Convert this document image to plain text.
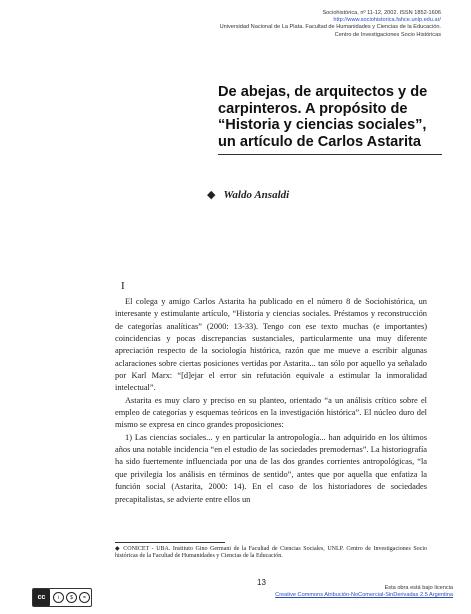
Sociohistórica, nº 11-12, 2002. ISSN 1852-1606
http://www.sociohistorica.fahce.unlp.edu.ar/
Universidad Nacional de La Plata. Facultad de Humanidades y Ciencias de la Educación.
Centro de Investigaciones Socio Históricas
De abejas, de arquitectos y de carpinteros. A propósito de “Historia y ciencias sociales”, un artículo de Carlos Astarita
◆ Waldo Ansaldi
I

El colega y amigo Carlos Astarita ha publicado en el número 8 de Sociohistórica, un interesante y estimulante artículo, “Historia y ciencias sociales. Préstamos y reconstrucción de categorías analíticas” (2000: 13-33). Tengo con ese texto muchas (e importantes) coincidencias y pocas discrepancias sustanciales, particularmente una muy diferente apreciación respecto de la sociología histórica, razón que me mueve a escribir algunas aclaraciones sobre ciertas posiciones vertidas por Astarita... tan sólo por aquello ya señalado por Karl Marx: “[d]ejar el error sin refutación equivale a estimular la inmoralidad intelectual”.

Astarita es muy claro y preciso en su planteo, orientado “a un análisis crítico sobre el empleo de categorías y esquemas teóricos en la investigación histórica”. El núcleo duro del mismo se expresa en cinco grandes proposiciones:

1) Las ciencias sociales... y en particular la antropología... han adquirido en los últimos años una notable incidencia “en el estudio de las sociedades premodernas”. La historiografía ha sido fuertemente influenciada por una de las dos grandes corrientes antropológicas, “la que privilegia los análisis en términos de sentido”, antes que por aquella que enfatiza la función social (Astarita, 2000: 14). En el caso de los historiadores de sociedades precapitalistas, se advierte entre ellos un

◆ CONICET - UBA. Instituto Gino Germani de la Facultad de Ciencias Sociales, UNLP. Centro de Investigaciones Socio históricas de la Facultad de Humanidades y Ciencias de la Educación.
13
cc	i	$	=
Esta obra está bajo licencia
Creative Commons Atribución-NoComercial-SinDerivadas 2.5 Argentina
